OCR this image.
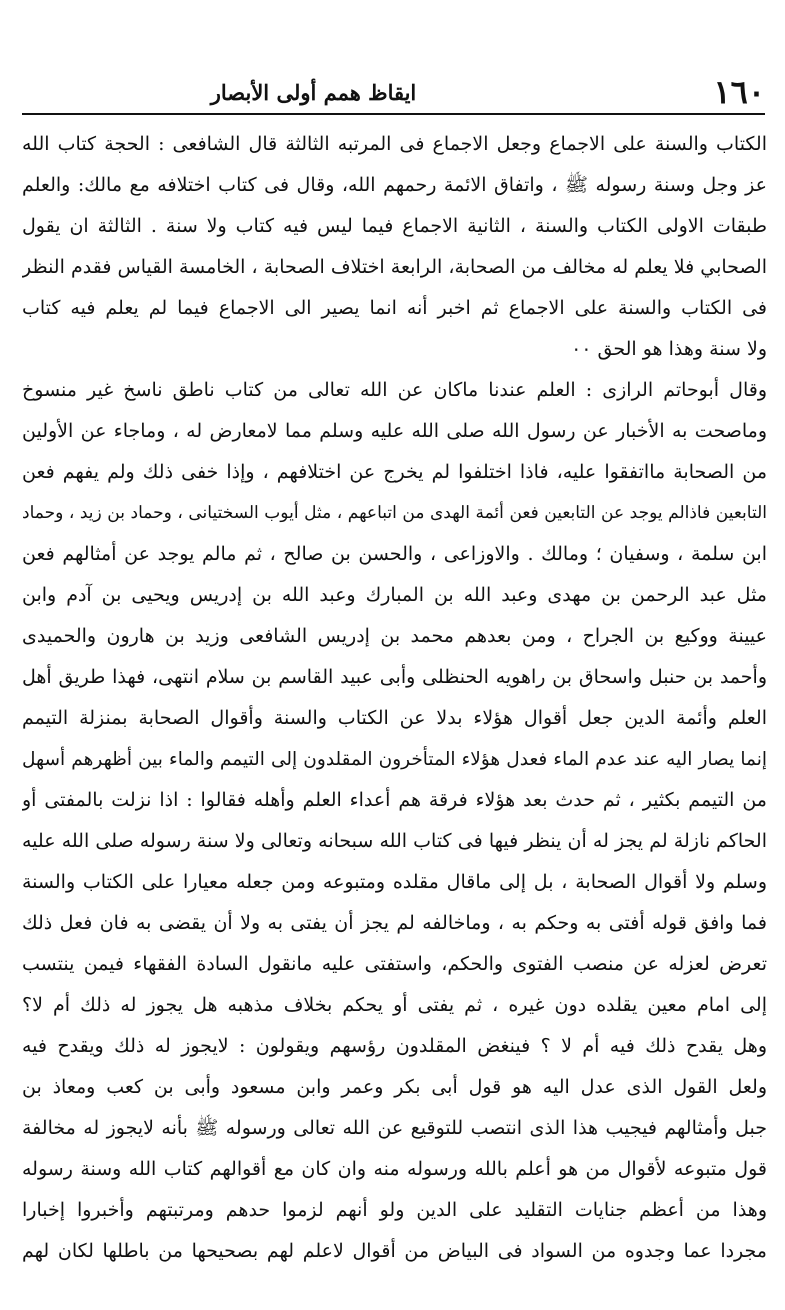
١٦٠
ايقاظ همم أولى الأبصار
الكتاب والسنة على الاجماع وجعل الاجماع فى المرتبه الثالثة قال الشافعى : الحجة كتاب الله
عز وجل وسنة رسوله ﷺ ، واتفاق الائمة رحمهم الله، وقال فى كتاب اختلافه مع مالك: والعلم
طبقات الاولى الكتاب والسنة ، الثانية الاجماع فيما ليس فيه كتاب ولا سنة . الثالثة ان يقول
الصحابي فلا يعلم له مخالف من الصحابة، الرابعة اختلاف الصحابة ، الخامسة القياس فقدم النظر
فى الكتاب والسنة على الاجماع ثم اخبر أنه انما يصير الى الاجماع فيما لم يعلم فيه كتاب
ولا سنة وهذا هو الحق ٠٠
وقال أبوحاتم الرازى : العلم عندنا ماكان عن الله تعالى من كتاب ناطق ناسخ غير منسوخ
وماصحت به الأخبار عن رسول الله صلى الله عليه وسلم مما لامعارض له ، وماجاء عن الأولين
من الصحابة مااتفقوا عليه، فاذا اختلفوا لم يخرج عن اختلافهم ، وإذا خفى ذلك ولم يفهم فعن
التابعين فاذالم يوجد عن التابعين فعن أئمة الهدى من اتباعهم ، مثل أيوب السختيانى ، وحماد بن زيد ، وحماد
ابن سلمة ، وسفيان ؛ ومالك . والاوزاعى ، والحسن بن صالح ، ثم مالم يوجد عن أمثالهم فعن
مثل عبد الرحمن بن مهدى وعبد الله بن المبارك وعبد الله بن إدريس ويحيى بن آدم وابن
عيينة ووكيع بن الجراح ، ومن بعدهم محمد بن إدريس الشافعى وزيد بن هارون والحميدى
وأحمد بن حنبل واسحاق بن راهويه الحنظلى وأبى عبيد القاسم بن سلام انتهى، فهذا طريق أهل
العلم وأئمة الدين جعل أقوال هؤلاء بدلا عن الكتاب والسنة وأقوال الصحابة بمنزلة التيمم
إنما يصار اليه عند عدم الماء فعدل هؤلاء المتأخرون المقلدون إلى التيمم والماء بين أظهرهم أسهل
من التيمم بكثير ، ثم حدث بعد هؤلاء فرقة هم أعداء العلم وأهله فقالوا : اذا نزلت بالمفتى أو
الحاكم نازلة لم يجز له أن ينظر فيها فى كتاب الله سبحانه وتعالى ولا سنة رسوله صلى الله عليه
وسلم ولا أقوال الصحابة ، بل إلى ماقال مقلده ومتبوعه ومن جعله معيارا على الكتاب والسنة
فما وافق قوله أفتى به وحكم به ، وماخالفه لم يجز أن يفتى به ولا أن يقضى به فان فعل ذلك
تعرض لعزله عن منصب الفتوى والحكم، واستفتى عليه مانقول السادة الفقهاء فيمن ينتسب
إلى امام معين يقلده دون غيره ، ثم يفتى أو يحكم بخلاف مذهبه هل يجوز له ذلك أم لا؟
وهل يقدح ذلك فيه أم لا ؟ فينغض المقلدون رؤسهم ويقولون : لايجوز له ذلك ويقدح فيه
ولعل القول الذى عدل اليه هو قول أبى بكر وعمر وابن مسعود وأبى بن كعب ومعاذ بن
جبل وأمثالهم فيجيب هذا الذى انتصب للتوقيع عن الله تعالى ورسوله ﷺ بأنه لايجوز له مخالفة
قول متبوعه لأقوال من هو أعلم بالله ورسوله منه وان كان مع أقوالهم كتاب الله وسنة رسوله
وهذا من أعظم جنايات التقليد على الدين ولو أنهم لزموا حدهم ومرتبتهم وأخبروا إخبارا
مجردا عما وجدوه من السواد فى البياض من أقوال لاعلم لهم بصحيحها من باطلها لكان لهم
